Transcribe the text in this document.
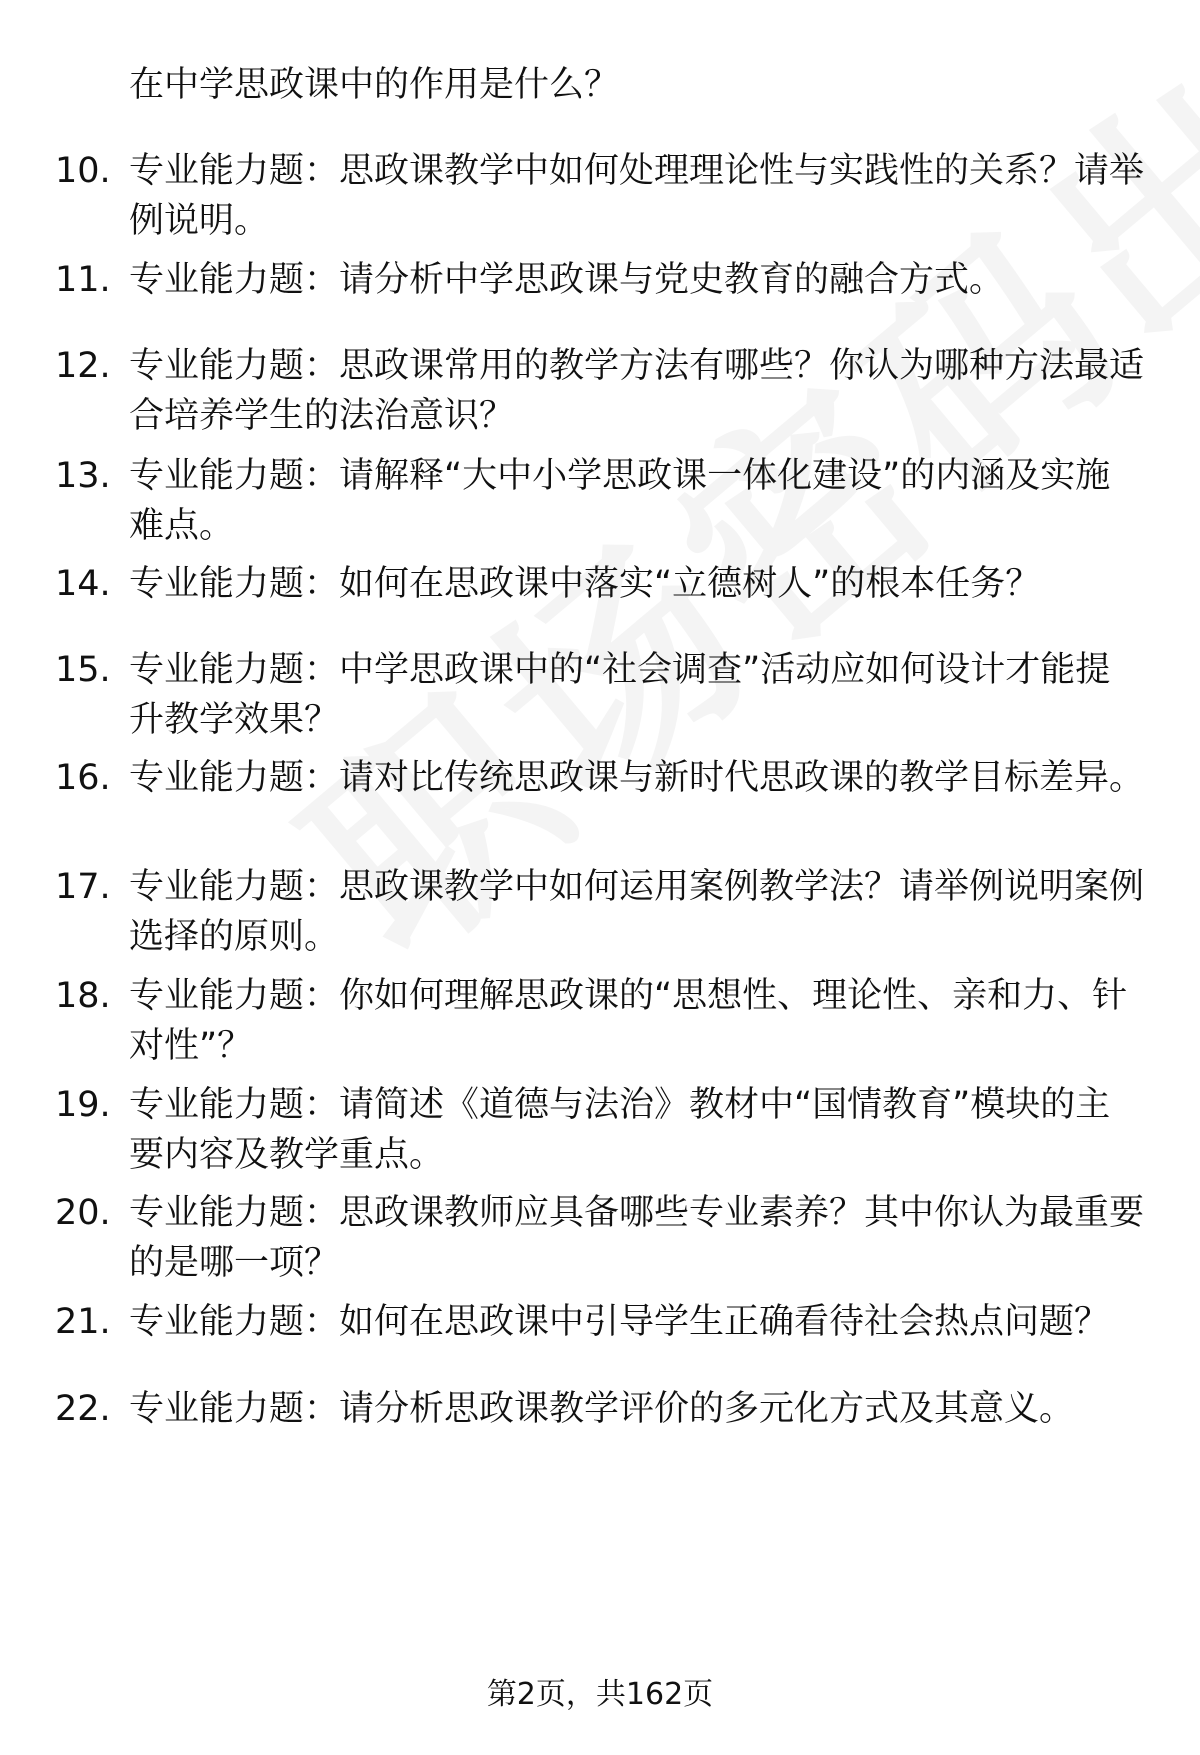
在中学思政课中的作用是什么？
10. 专业能力题：思政课教学中如何处理理论性与实践性的关系？请举例说明。
11. 专业能力题：请分析中学思政课与党史教育的融合方式。
12. 专业能力题：思政课常用的教学方法有哪些？你认为哪种方法最适合培养学生的法治意识？
13. 专业能力题：请解释“大中小学思政课一体化建设”的内涵及实施难点。
14. 专业能力题：如何在思政课中落实“立德树人”的根本任务？
15. 专业能力题：中学思政课中的“社会调查”活动应如何设计才能提升教学效果？
16. 专业能力题：请对比传统思政课与新时代思政课的教学目标差异。
17. 专业能力题：思政课教学中如何运用案例教学法？请举例说明案例选择的原则。
18. 专业能力题：你如何理解思政课的“思想性、理论性、亲和力、针对性”？
19. 专业能力题：请简述《道德与法治》教材中“国情教育”模块的主要内容及教学重点。
20. 专业能力题：思政课教师应具备哪些专业素养？其中你认为最重要的是哪一项？
21. 专业能力题：如何在思政课中引导学生正确看待社会热点问题？
22. 专业能力题：请分析思政课教学评价的多元化方式及其意义。
第2页，共162页
